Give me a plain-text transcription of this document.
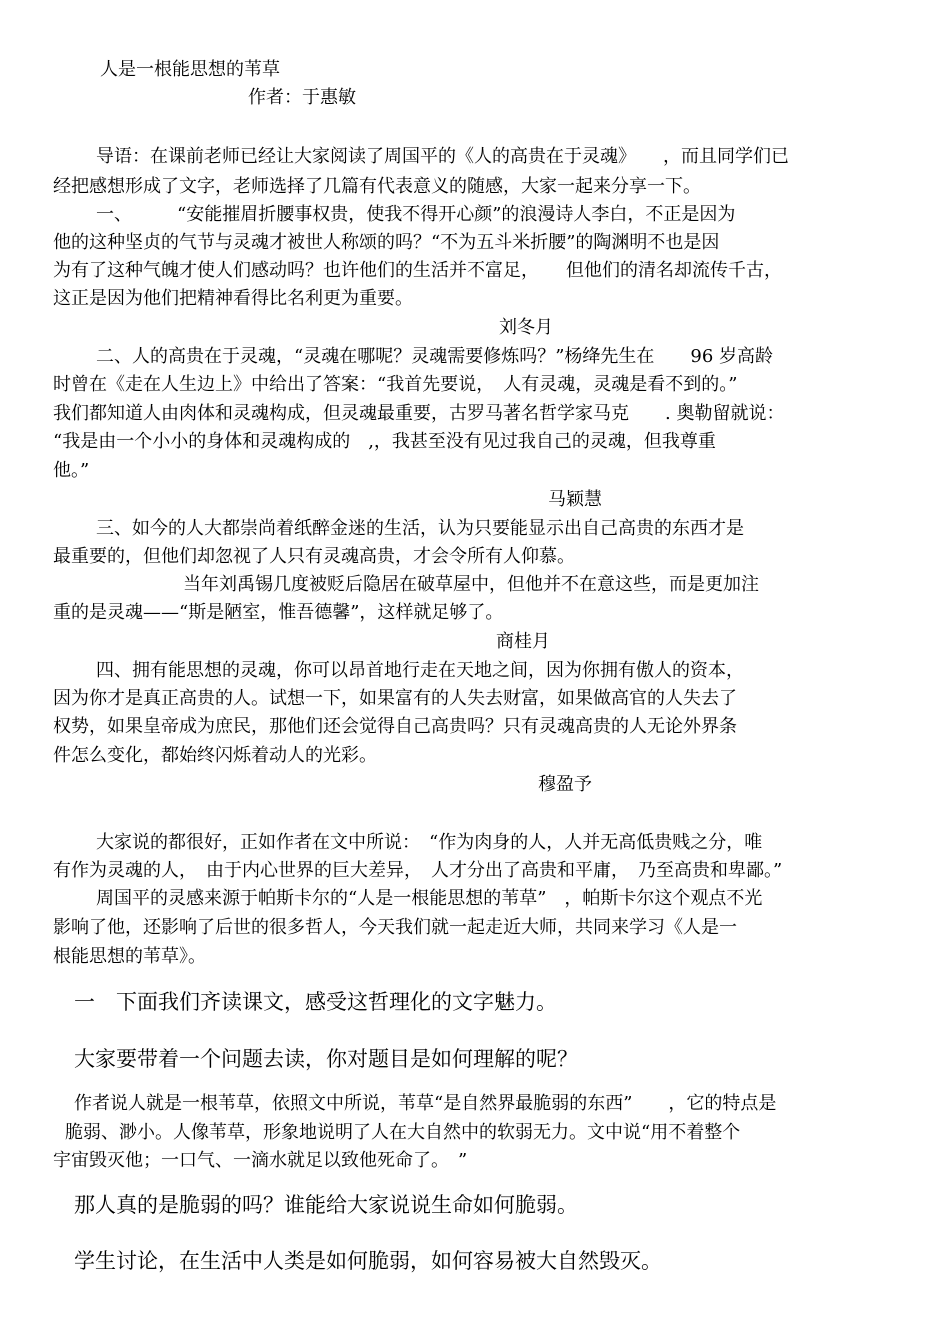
人是一根能思想的苇草
作者：于惠敏
导语：在课前老师已经让大家阅读了周国平的《人的高贵在于灵魂》　　，而且同学们已
经把感想形成了文字，老师选择了几篇有代表意义的随感，大家一起来分享一下。
一、　　　“安能摧眉折腰事权贵，使我不得开心颜”的浪漫诗人李白，不正是因为
他的这种坚贞的气节与灵魂才被世人称颂的吗？“不为五斗米折腰”的陶渊明不也是因
为有了这种气魄才使人们感动吗？也许他们的生活并不富足，　　但他们的清名却流传千古，
这正是因为他们把精神看得比名利更为重要。
刘冬月
二、人的高贵在于灵魂，“灵魂在哪呢？灵魂需要修炼吗？”杨绛先生在　　96 岁高龄
时曾在《走在人生边上》中给出了答案：“我首先要说，　人有灵魂，灵魂是看不到的。”
我们都知道人由肉体和灵魂构成，但灵魂最重要，古罗马著名哲学家马克　　. 奥勒留就说：
“我是由一个小小的身体和灵魂构成的　,，我甚至没有见过我自己的灵魂，但我尊重
他。”
马颖慧
三、如今的人大都崇尚着纸醉金迷的生活，认为只要能显示出自己高贵的东西才是
最重要的，但他们却忽视了人只有灵魂高贵，才会令所有人仰慕。
当年刘禹锡几度被贬后隐居在破草屋中，但他并不在意这些，而是更加注
重的是灵魂——“斯是陋室，惟吾德馨”，这样就足够了。
商桂月
四、拥有能思想的灵魂，你可以昂首地行走在天地之间，因为你拥有傲人的资本，
因为你才是真正高贵的人。试想一下，如果富有的人失去财富，如果做高官的人失去了
权势，如果皇帝成为庶民，那他们还会觉得自己高贵吗？只有灵魂高贵的人无论外界条
件怎么变化，都始终闪烁着动人的光彩。
穆盈予
大家说的都很好，正如作者在文中所说：　“作为肉身的人，人并无高低贵贱之分，唯
有作为灵魂的人，　由于内心世界的巨大差异，　人才分出了高贵和平庸，　乃至高贵和卑鄙。”
周国平的灵感来源于帕斯卡尔的“人是一根能思想的苇草”　，帕斯卡尔这个观点不光
影响了他，还影响了后世的很多哲人，今天我们就一起走近大师，共同来学习《人是一
根能思想的苇草》。
一　下面我们齐读课文，感受这哲理化的文字魅力。
大家要带着一个问题去读，你对题目是如何理解的呢？
作者说人就是一根苇草，依照文中所说，苇草“是自然界最脆弱的东西”　　，它的特点是
脆弱、渺小。人像苇草，形象地说明了人在大自然中的软弱无力。文中说“用不着整个
宇宙毁灭他；一口气、一滴水就足以致他死命了。　”
那人真的是脆弱的吗？谁能给大家说说生命如何脆弱。
学生讨论，在生活中人类是如何脆弱，如何容易被大自然毁灭。
